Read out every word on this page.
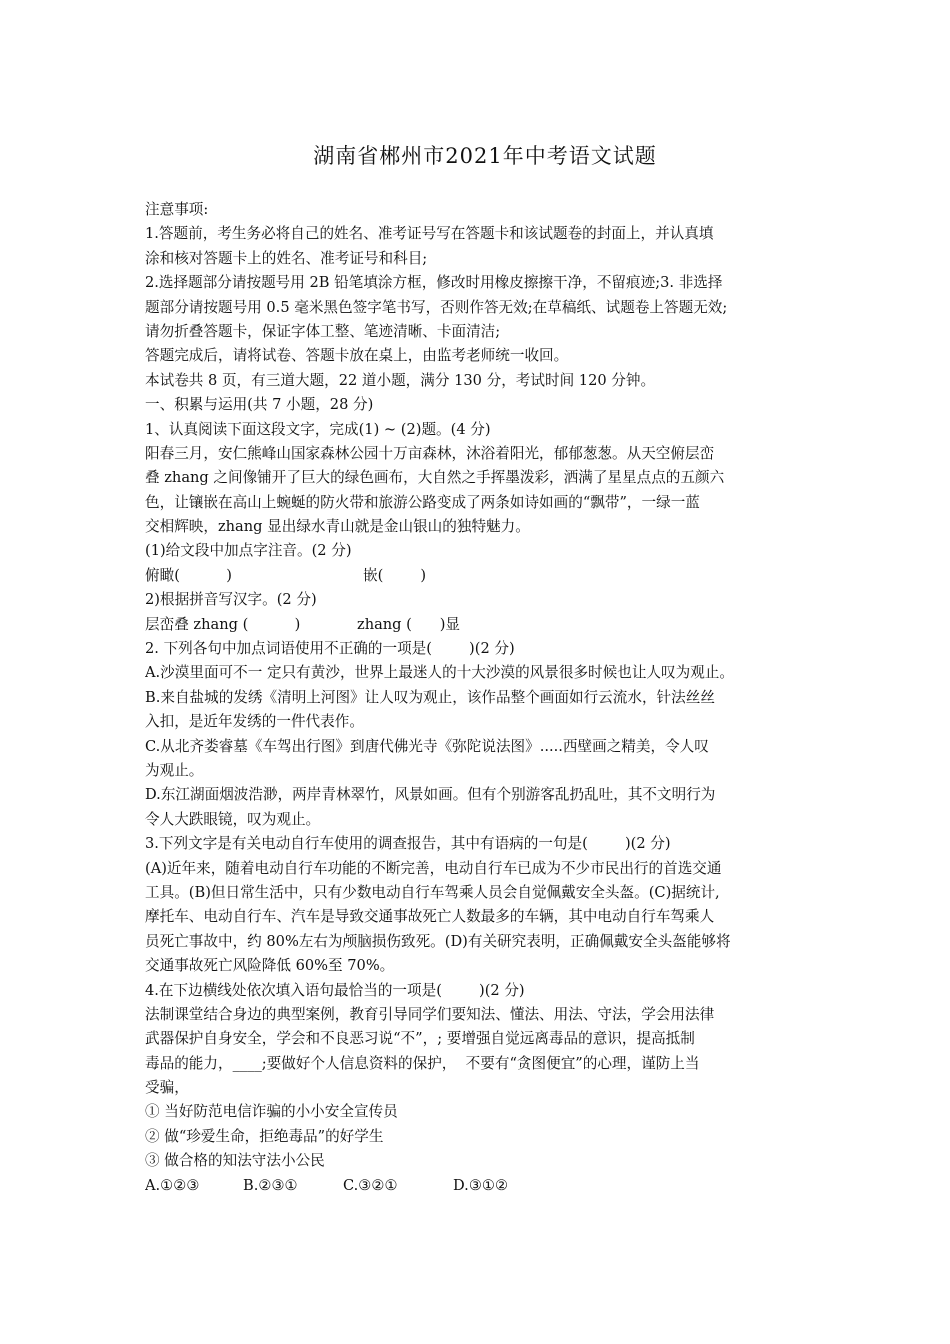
湖南省郴州市2021年中考语文试题
注意事项:
1.答题前，考生务必将自己的姓名、准考证号写在答题卡和该试题卷的封面上，并认真填
涂和核对答题卡上的姓名、准考证号和科目;
2.选择题部分请按题号用 2B 铅笔填涂方框，修改时用橡皮擦擦干净，不留痕迹;3. 非选择
题部分请按题号用 0.5 毫米黑色签字笔书写，否则作答无效;在草稿纸、试题卷上答题无效;
请勿折叠答题卡，保证字体工整、笔迹清晰、卡面清洁;
答题完成后，请将试卷、答题卡放在桌上，由监考老师统一收回。
本试卷共 8 页，有三道大题，22 道小题，满分 130 分，考试时间 120 分钟。
一、积累与运用(共 7 小题，28 分)
1、认真阅读下面这段文字，完成(1) ~ (2)题。(4 分)
阳春三月，安仁熊峰山国家森林公园十万亩森林，沐浴着阳光，郁郁葱葱。从天空俯层峦
叠 zhang 之间像铺开了巨大的绿色画布，大自然之手挥墨泼彩，洒满了星星点点的五颜六
色，让镶嵌在高山上蜿蜒的防火带和旅游公路变成了两条如诗如画的“飘带”，一绿一蓝
交相辉映，zhang 显出绿水青山就是金山银山的独特魅力。
(1)给文段中加点字注音。(2 分)
俯瞰(          )	嵌(        )
2)根据拼音写汉字。(2 分)
层峦叠 zhang (          )	zhang (      )显
2. 下列各句中加点词语使用不正确的一项是(        )(2 分)
A.沙漠里面可不一 定只有黄沙，世界上最迷人的十大沙漠的风景很多时候也让人叹为观止。
B.来自盐城的发绣《清明上河图》让人叹为观止，该作品整个画面如行云流水，针法丝丝
入扣，是近年发绣的一件代表作。
C.从北齐娄睿墓《车驾出行图》到唐代佛光寺《弥陀说法图》.....西壁画之精美，令人叹
为观止。
D.东江湖面烟波浩渺，两岸青林翠竹，风景如画。但有个别游客乱扔乱吐，其不文明行为
令人大跌眼镜，叹为观止。
3.下列文字是有关电动自行车使用的调查报告，其中有语病的一句是(        )(2 分)
(A)近年来，随着电动自行车功能的不断完善，电动自行车已成为不少市民出行的首选交通
工具。(B)但日常生活中，只有少数电动自行车驾乘人员会自觉佩戴安全头盔。(C)据统计,
摩托车、电动自行车、汽车是导致交通事故死亡人数最多的车辆，其中电动自行车驾乘人
员死亡事故中，约 80%左右为颅脑损伤致死。(D)有关研究表明，正确佩戴安全头盔能够将
交通事故死亡风险降低 60%至 70%。
4.在下边横线处依次填入语句最恰当的一项是(        )(2 分)
法制课堂结合身边的典型案例，教育引导同学们要知法、懂法、用法、守法，学会用法律
武器保护自身安全，学会和不良恶习说“不”，; 要增强自觉远离毒品的意识，提高抵制
毒品的能力，____;要做好个人信息资料的保护，  不要有“贪图便宜”的心理，谨防上当
受骗，
① 当好防范电信诈骗的小小安全宣传员
② 做“珍爱生命，拒绝毒品”的好学生
③ 做合格的知法守法小公民
A.①②③	B.②③①	C.③②①	D.③①②
